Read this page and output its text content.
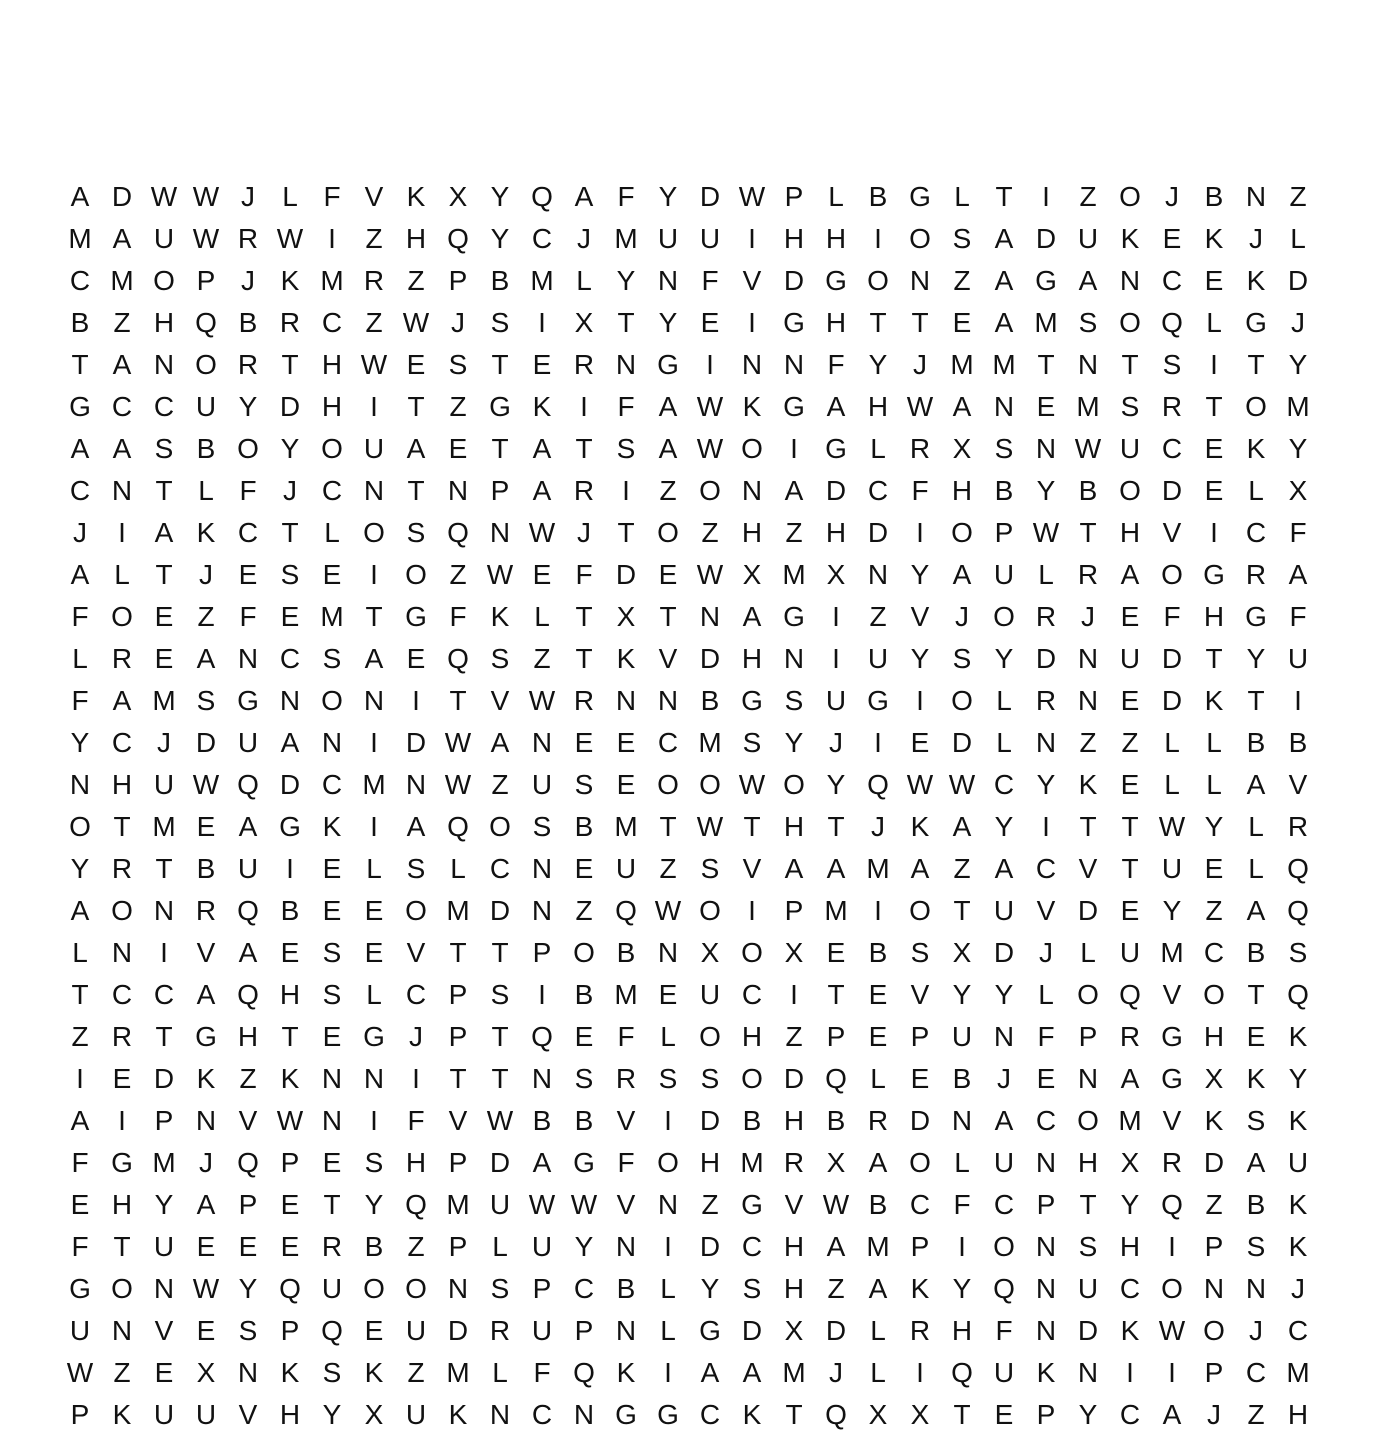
A D W W J L F V K X Y Q A F Y D W P L B G L T	I	Z O J B N Z
M A U W R W I	Z H Q Y C J M U U	I H H	I O S A D U K E K J L
C M O P J K M R Z P B M L Y N F V D G O N Z A G A N C E K D
B Z H Q B R C Z W J S	I	X T Y E	I G H T T E A M S O Q L G J
T A N O R T H W E S T E R N G I N N F Y J M M T N T S	I	T Y
G C C U Y D H	I	T Z G K	I	F A W K G A H W A N E M S R T O M
A A S B O Y O U A E T A T S A W O I G L R X S N W U C E K Y
C N T L F J C N T N P A R	I	Z O N A D C F H B Y B O D E L X
J	I	A K C T L O S Q N W J T O Z H Z H D	I O P W T H V	I C F
A L T J E S E	I O Z W E F D E W X M X N Y A U L R A O G R A
F O E Z F E M T G F K L T X T N A G I	Z V J O R J E F H G F
L R E A N C S A E Q S Z T K V D H N	I U Y S Y D N U D T Y U
F A M S G N O N	I	T V W R N N B G S U G I O L R N E D K T	I
Y C J D U A N	I D W A N E E C M S Y J	I	E D L N Z Z L L B B
N H U W Q D C M N W Z U S E O O W O Y Q W W C Y K E L L A V
O T M E A G K	I	A Q O S B M T W T H T J K A Y	I	T T W Y L R
Y R T B U	I	E L S L C N E U Z S V A A M A Z A C V T U E L Q
A O N R Q B E E O M D N Z Q W O I	P M I O T U V D E Y Z A Q
L N	I	V A E S E V T T P O B N X O X E B S X D J L U M C B S
T C C A Q H S L C P S	I	B M E U C	I	T E V Y Y L O Q V O T Q
Z R T G H T E G J P T Q E F L O H Z P E P U N F P R G H E K
I	E D K Z K N N	I	T T N S R S S O D Q L E B J E N A G X K Y
A	I	P N V W N	I	F V W B B V	I D B H B R D N A C O M V K S K
F G M J Q P E S H P D A G F O H M R X A O L U N H X R D A U
E H Y A P E T Y Q M U W W V N Z G V W B C F C P T Y Q Z B K
F T U E E E R B Z P L U Y N	I D C H A M P	I O N S H	I	P S K
G O N W Y Q U O O N S P C B L Y S H Z A K Y Q N U C O N N J
U N V E S P Q E U D R U P N L G D X D L R H F N D K W O J C
W Z E X N K S K Z M L F Q K	I	A A M J L	I Q U K N	I	I	P C M
P K U U V H Y X U K N C N G G C K T Q X X T E P Y C A J Z H
